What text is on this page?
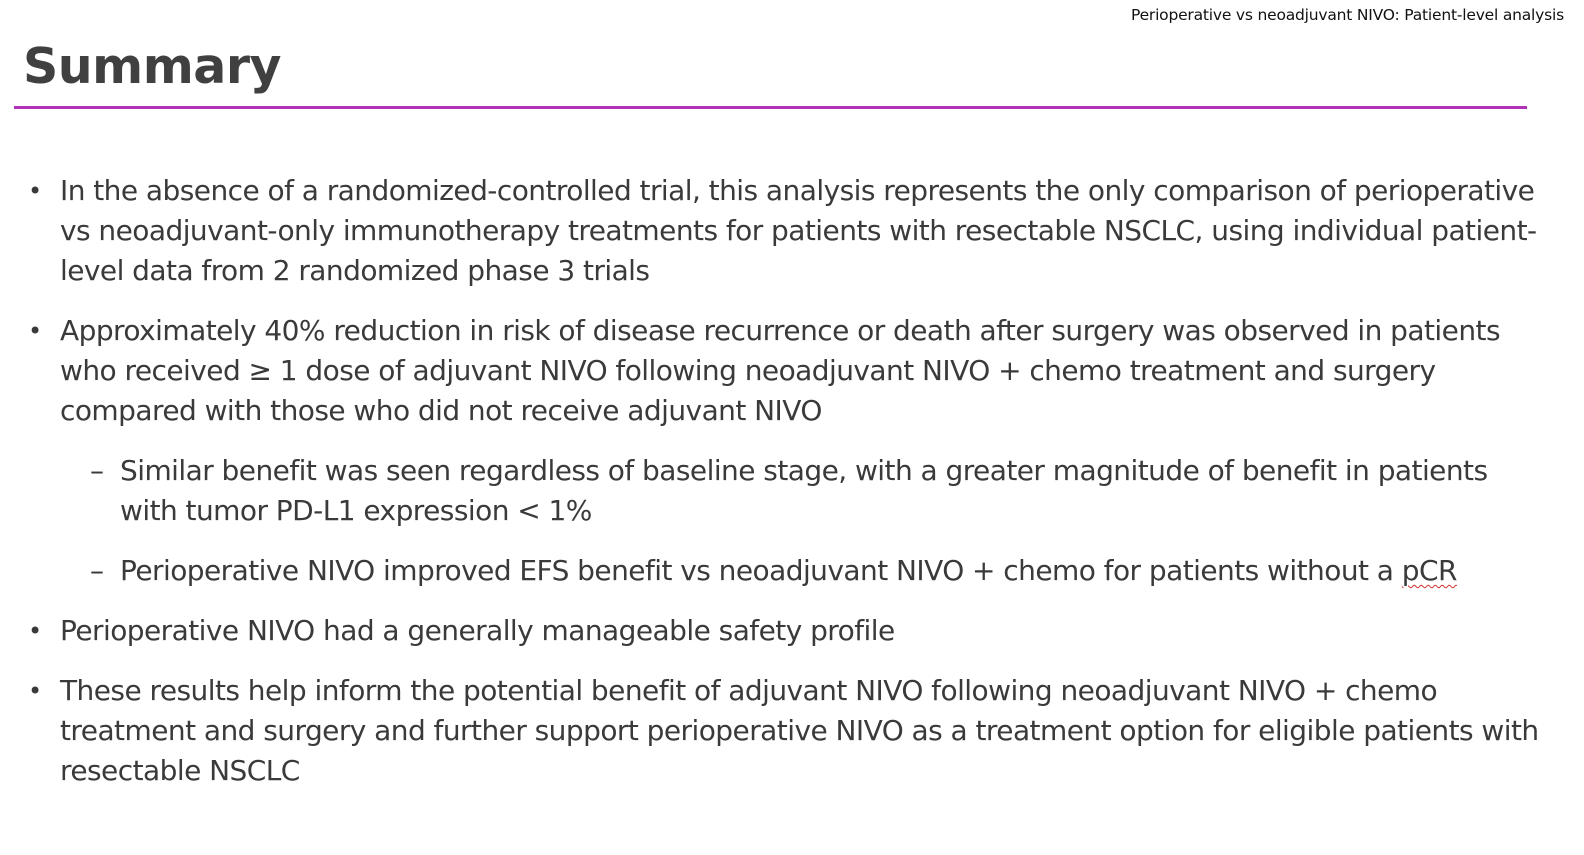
Perioperative vs neoadjuvant NIVO: Patient-level analysis
Summary
• In the absence of a randomized-controlled trial, this analysis represents the only comparison of perioperative vs neoadjuvant-only immunotherapy treatments for patients with resectable NSCLC, using individual patient-level data from 2 randomized phase 3 trials
• Approximately 40% reduction in risk of disease recurrence or death after surgery was observed in patients who received ≥ 1 dose of adjuvant NIVO following neoadjuvant NIVO + chemo treatment and surgery compared with those who did not receive adjuvant NIVO
– Similar benefit was seen regardless of baseline stage, with a greater magnitude of benefit in patients with tumor PD-L1 expression < 1%
– Perioperative NIVO improved EFS benefit vs neoadjuvant NIVO + chemo for patients without a pCR
• Perioperative NIVO had a generally manageable safety profile
• These results help inform the potential benefit of adjuvant NIVO following neoadjuvant NIVO + chemo treatment and surgery and further support perioperative NIVO as a treatment option for eligible patients with resectable NSCLC
